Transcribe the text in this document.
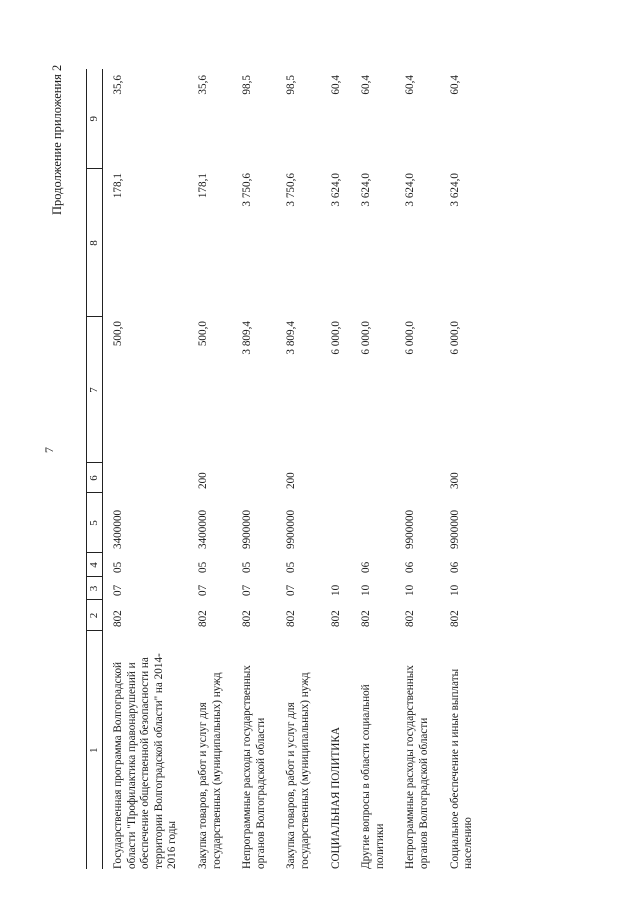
7
Продолжение приложения 2
1	2	3	4	5	6	7	8	9
Государственная программа Волгоградской области "Профилактика правонарушений и обеспечение общественной безопасности на территории Волгоградской области" на 2014-2016 годы	802	07	05	3400000		500,0	178,1	35,6
Закупка товаров, работ и услуг для государственных (муниципальных) нужд	802	07	05	3400000	200	500,0	178,1	35,6
Непрограммные расходы государственных органов Волгоградской области	802	07	05	9900000		3 809,4	3 750,6	98,5
Закупка товаров, работ и услуг для государственных (муниципальных) нужд	802	07	05	9900000	200	3 809,4	3 750,6	98,5
СОЦИАЛЬНАЯ ПОЛИТИКА	802	10				6 000,0	3 624,0	60,4
Другие вопросы в области социальной политики	802	10	06			6 000,0	3 624,0	60,4
Непрограммные расходы государственных органов Волгоградской области	802	10	06	9900000		6 000,0	3 624,0	60,4
Социальное обеспечение и иные выплаты населению	802	10	06	9900000	300	6 000,0	3 624,0	60,4
